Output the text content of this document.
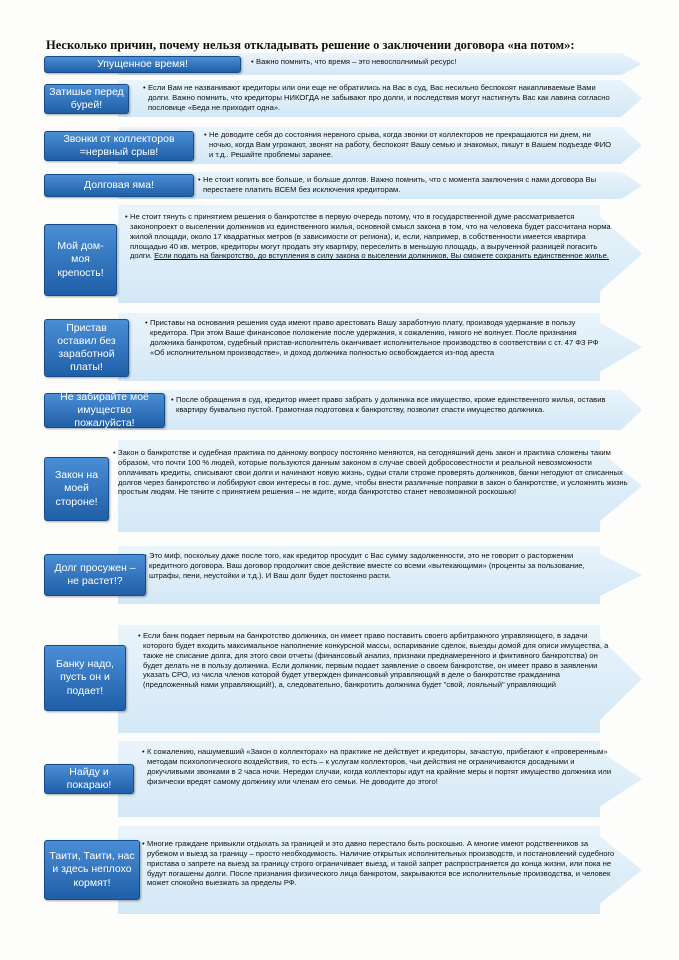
Несколько причин, почему нельзя откладывать решение о заключении договора «на потом»:
• Важно помнить, что время – это невосполнимый ресурс!
Упущенное время!
• Если Вам не названивают кредиторы или они еще не обратились на Вас в суд, Вас несильно беспокоят накапливаемые Вами долги. Важно помнить, что кредиторы НИКОГДА не забывают про долги, и последствия могут настигнуть Вас как лавина согласно пословице «Беда не приходит одна».
Затишье перед бурей!
• Не доводите себя до состояния нервного срыва, когда звонки от коллекторов не прекращаются ни днем, ни ночью, когда Вам угрожают, звонят на работу, беспокоят Вашу семью и знакомых, пишут в Вашем подъезде ФИО и т.д.. Решайте проблемы заранее.
Звонки от коллекторов =нервный срыв!
• Не стоит копить все больше, и больше долгов. Важно помнить, что с момента заключения с нами договора Вы перестаете платить ВСЕМ без исключения кредиторам.
Долговая яма!
• Не стоит тянуть с принятием решения о банкротстве в первую очередь потому, что в государственной думе рассматривается законопроект о выселении должников из единственного жилья, основной смысл закона в том, что на человека будет рассчитана норма жилой площади, около 17 квадратных метров (в зависимости от региона), и, если, например, в собственности имеется квартира площадью 40 кв. метров, кредиторы могут продать эту квартиру, переселить в меньшую площадь, а вырученной разницей погасить долги. Если подать на банкротство, до вступления в силу закона о выселении должников, Вы сможете сохранить единственное жилье.
Мой дом-моя крепость!
• Приставы на основания решения суда имеют право арестовать Вашу заработную плату, производя удержание в пользу кредитора. При этом Ваше финансовое положение после удержания, к сожалению, никого не волнует. После признания должника банкротом, судебный пристав-исполнитель оканчивает исполнительное производство в соответствии с ст. 47 ФЗ РФ «Об исполнительном производстве», и доход должника полностью освобождается из-под ареста
Пристав оставил без заработной платы!
• После обращения в суд, кредитор имеет право забрать у должника все имущество, кроме единственного жилья, оставив квартиру буквально пустой. Грамотная подготовка к банкротству, позволит спасти имущество должника.
Не забирайте моё имущество пожалуйста!
• Закон о банкротстве и судебная практика по данному вопросу постоянно меняются, на сегодняшний день закон и практика сложены таким образом, что почти 100 % людей, которые пользуются данным законом в случае своей добросовестности и реальной невозможности оплачивать кредиты, списывают свои долги и начинают новую жизнь, судьи стали строже проверять должников, банки негодуют от списанных долгов через банкротство и лоббируют свои интересы в гос. думе, чтобы внести различные поправки в закон о банкротстве, и усложнить жизнь простым людям. Не тяните с принятием решения – не ждите, когда банкротство станет невозможной роскошью!
Закон на моей стороне!
Это миф, поскольку даже после того, как кредитор просудит с Вас сумму задолженности, это не говорит о расторжении кредитного договора. Ваш договор продолжит свое действие вместе со всеми «вытекающими» (проценты за пользование, штрафы, пени, неустойки и т.д.). И Ваш долг будет постоянно расти.
Долг просужен – не растет!?
• Если банк подает первым на банкротство должника, он имеет право поставить своего арбитражного управляющего, в задачи которого будет входить максимальное наполнение конкурсной массы, оспаривание сделок, выезды домой для описи имущества, а также не списание долга, для этого свои отчеты (финансовый анализ, признаки преднамеренного и фиктивного банкротства) он будет делать не в пользу должника. Если должник, первым подает заявление о своем банкротстве, он имеет право в заявлении указать СРО, из числа членов которой будет утвержден финансовый управляющий в деле о банкротстве гражданина (предложенный нами управляющий!), а, следовательно, банкротить должника будет "свой, лояльный" управляющий
Банку надо, пусть он и подает!
• К сожалению, нашумевший «Закон о коллекторах» на практике не действует и кредиторы, зачастую, прибегают к «проверенным» методам психологического воздействия, то есть – к услугам коллекторов, чьи действия не ограничиваются досадными и докучливыми звонками в 2 часа ночи. Нередки случаи, когда коллекторы идут на крайние меры и портят имущество должника или физически вредят самому должнику или членам его семьи. Не доводите до этого!
Найду и покараю!
• Многие граждане привыкли отдыхать за границей и это давно перестало быть роскошью. А многие имеют родственников за рубежом и выезд за границу – просто необходимость. Наличие открытых исполнительных производств, и постановлений судебного пристава о запрете на выезд за границу строго ограничивает выезд, и такой запрет распространяется до конца жизни, или пока не будут погашены долги. После признания физического лица банкротом, закрываются все исполнительные производства, и человек может спокойно выезжать за пределы РФ.
Таити, Таити, нас и здесь неплохо кормят!
